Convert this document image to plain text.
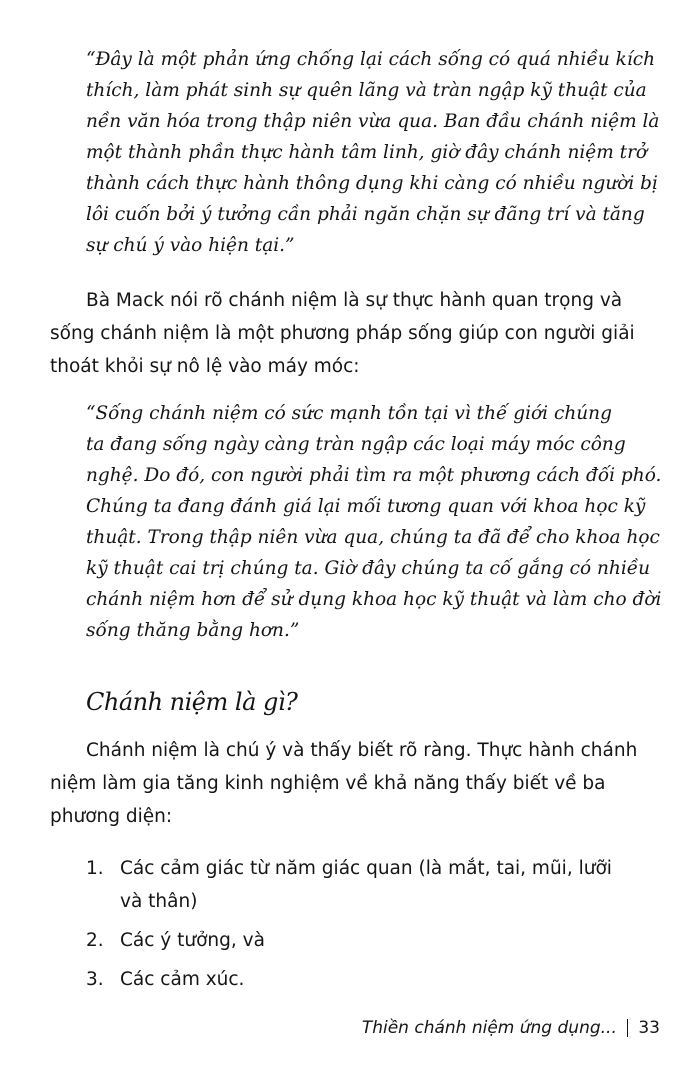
“Đây là một phản ứng chống lại cách sống có quá nhiều kích
thích, làm phát sinh sự quên lãng và tràn ngập kỹ thuật của
nền văn hóa trong thập niên vừa qua. Ban đầu chánh niệm là
một thành phần thực hành tâm linh, giờ đây chánh niệm trở
thành cách thực hành thông dụng khi càng có nhiều người bị
lôi cuốn bởi ý tưởng cần phải ngăn chặn sự đãng trí và tăng
sự chú ý vào hiện tại.”
Bà Mack nói rõ chánh niệm là sự thực hành quan trọng và
sống chánh niệm là một phương pháp sống giúp con người giải
thoát khỏi sự nô lệ vào máy móc:
“Sống chánh niệm có sức mạnh tồn tại vì thế giới chúng
ta đang sống ngày càng tràn ngập các loại máy móc công
nghệ. Do đó, con người phải tìm ra một phương cách đối phó.
Chúng ta đang đánh giá lại mối tương quan với khoa học kỹ
thuật. Trong thập niên vừa qua, chúng ta đã để cho khoa học
kỹ thuật cai trị chúng ta. Giờ đây chúng ta cố gắng có nhiều
chánh niệm hơn để sử dụng khoa học kỹ thuật và làm cho đời
sống thăng bằng hơn.”
Chánh niệm là gì?
Chánh niệm là chú ý và thấy biết rõ ràng. Thực hành chánh
niệm làm gia tăng kinh nghiệm về khả năng thấy biết về ba
phương diện:
1. Các cảm giác từ năm giác quan (là mắt, tai, mũi, lưỡi
và thân)
2. Các ý tưởng, và
3. Các cảm xúc.
Thiền chánh niệm ứng dụng... 33
